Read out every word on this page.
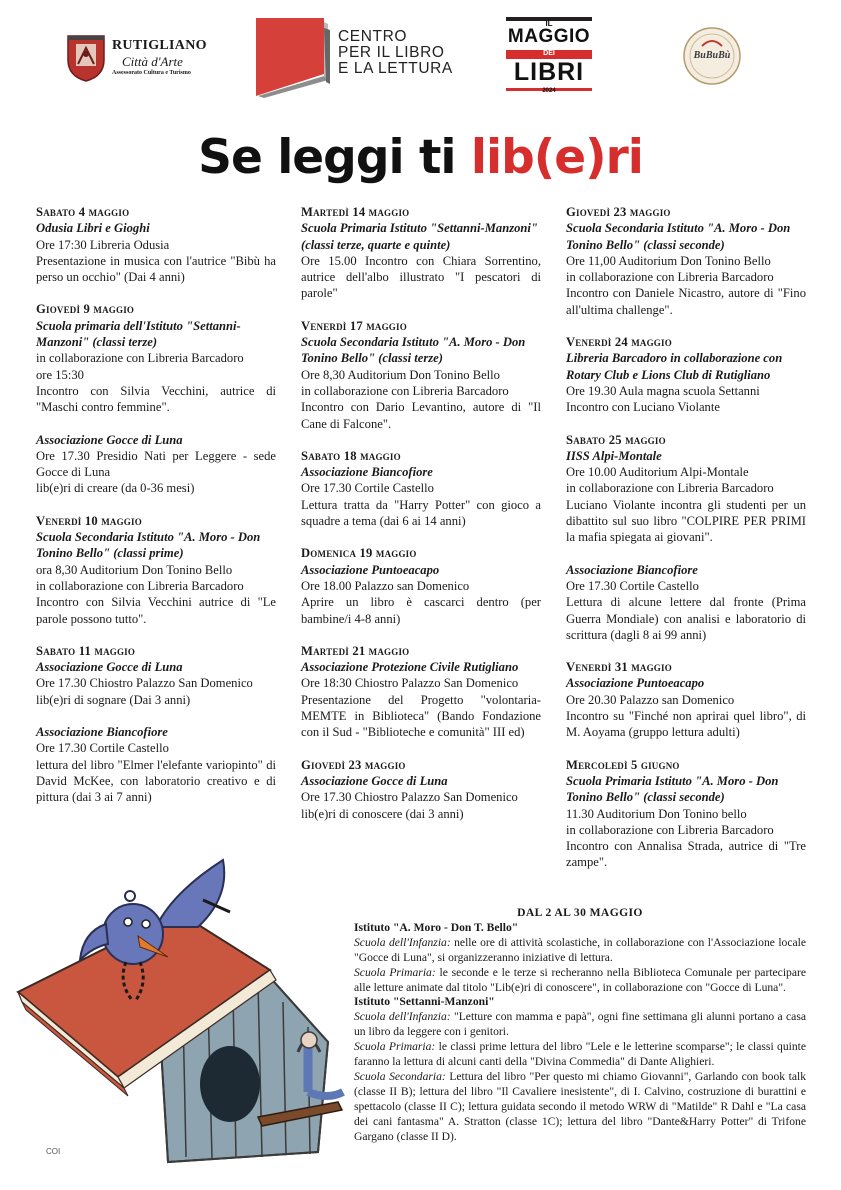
RUTIGLIANO
Città d'Arte
Assessorato Cultura e Turismo
CENTRO
PER IL LIBRO
E LA LETTURA
IL
MAGGIO
DEI
LIBRI
2024
BuBuBù
Se leggi ti lib(e)ri
Sabato 4 maggio
Odusia Libri e Gioghi
Ore 17:30 Libreria Odusia
Presentazione in musica con l'autrice "Bibù ha perso un occhio" (Dai 4 anni)
Giovedì 9 maggio
Scuola primaria dell'Istituto "Settanni-Manzoni" (classi terze)
in collaborazione con Libreria Barcadoro
ore 15:30
Incontro con Silvia Vecchini, autrice di "Maschi contro femmine".
Associazione Gocce di Luna
Ore 17.30 Presidio Nati per Leggere - sede Gocce di Luna
lib(e)ri di creare (da 0-36 mesi)
Venerdì 10 maggio
Scuola Secondaria Istituto "A. Moro - Don Tonino Bello" (classi prime)
ora 8,30 Auditorium Don Tonino Bello
in collaborazione con Libreria Barcadoro
Incontro con Silvia Vecchini autrice di "Le parole possono tutto".
Sabato 11 maggio
Associazione Gocce di Luna
Ore 17.30 Chiostro Palazzo San Domenico
lib(e)ri di sognare (Dai 3 anni)
Associazione Biancofiore
Ore 17.30 Cortile Castello
lettura del libro "Elmer l'elefante variopinto" di David McKee, con laboratorio creativo e di pittura (dai 3 ai 7 anni)
Martedì 14 maggio
Scuola Primaria Istituto "Settanni-Manzoni" (classi terze, quarte e quinte)
Ore 15.00 Incontro con Chiara Sorrentino, autrice dell'albo illustrato "I pescatori di parole"
Venerdì 17 maggio
Scuola Secondaria Istituto "A. Moro - Don Tonino Bello" (classi terze)
Ore 8,30 Auditorium Don Tonino Bello
in collaborazione con Libreria Barcadoro
Incontro con Dario Levantino, autore di "Il Cane di Falcone".
Sabato 18 maggio
Associazione Biancofiore
Ore 17.30 Cortile Castello
Lettura tratta da "Harry Potter" con gioco a squadre a tema (dai 6 ai 14 anni)
Domenica 19 maggio
Associazione Puntoeacapo
Ore 18.00 Palazzo san Domenico
Aprire un libro è cascarci dentro (per bambine/i 4-8 anni)
Martedì 21 maggio
Associazione Protezione Civile Rutigliano
Ore 18:30 Chiostro Palazzo San Domenico
Presentazione del Progetto "volontaria-MEMTE in Biblioteca" (Bando Fondazione con il Sud - "Biblioteche e comunità" III ed)
Giovedì 23 maggio
Associazione Gocce di Luna
Ore 17.30 Chiostro Palazzo San Domenico
lib(e)ri di conoscere (dai 3 anni)
Giovedì 23 maggio
Scuola Secondaria Istituto "A. Moro - Don Tonino Bello" (classi seconde)
Ore 11,00 Auditorium Don Tonino Bello
in collaborazione con Libreria Barcadoro
Incontro con Daniele Nicastro, autore di "Fino all'ultima challenge".
Venerdì 24 maggio
Libreria Barcadoro in collaborazione con Rotary Club e Lions Club di Rutigliano
Ore 19.30 Aula magna scuola Settanni
Incontro con Luciano Violante
Sabato 25 maggio
IISS Alpi-Montale
Ore 10.00 Auditorium Alpi-Montale
in collaborazione con Libreria Barcadoro
Luciano Violante incontra gli studenti per un dibattito sul suo libro "COLPIRE PER PRIMI la mafia spiegata ai giovani".
Associazione Biancofiore
Ore 17.30 Cortile Castello
Lettura di alcune lettere dal fronte (Prima Guerra Mondiale) con analisi e laboratorio di scrittura (dagli 8 ai 99 anni)
Venerdì 31 maggio
Associazione Puntoeacapo
Ore 20.30 Palazzo san Domenico
Incontro su "Finché non aprirai quel libro", di M. Aoyama (gruppo lettura adulti)
Mercoledì 5 giugno
Scuola Primaria Istituto "A. Moro - Don Tonino Bello" (classi seconde)
11.30 Auditorium Don Tonino bello
in collaborazione con Libreria Barcadoro
Incontro con Annalisa Strada, autrice di "Tre zampe".
COI
DAL 2 AL 30 MAGGIO
Istituto "A. Moro - Don T. Bello"

Scuola dell'Infanzia: nelle ore di attività scolastiche, in collaborazione con l'Associazione locale "Gocce di Luna", si organizzeranno iniziative di lettura.

Scuola Primaria: le seconde e le terze si recheranno nella Biblioteca Comunale per partecipare alle letture animate dal titolo "Lib(e)ri di conoscere", in collaborazione con "Gocce di Luna".

Istituto "Settanni-Manzoni"

Scuola dell'Infanzia: "Letture con mamma e papà", ogni fine settimana gli alunni portano a casa un libro da leggere con i genitori.

Scuola Primaria: le classi prime lettura del libro "Lele e le letterine scomparse"; le classi quinte faranno la lettura di alcuni canti della "Divina Commedia" di Dante Alighieri.

Scuola Secondaria: Lettura del libro "Per questo mi chiamo Giovanni", Garlando con book talk (classe II B); lettura del libro "Il Cavaliere inesistente", di I. Calvino, costruzione di burattini e spettacolo (classe II C); lettura guidata secondo il metodo WRW di "Matilde" R Dahl e "La casa dei cani fantasma" A. Stratton (classe 1C); lettura del libro "Dante&Harry Potter" di Trifone Gargano (classe II D).
